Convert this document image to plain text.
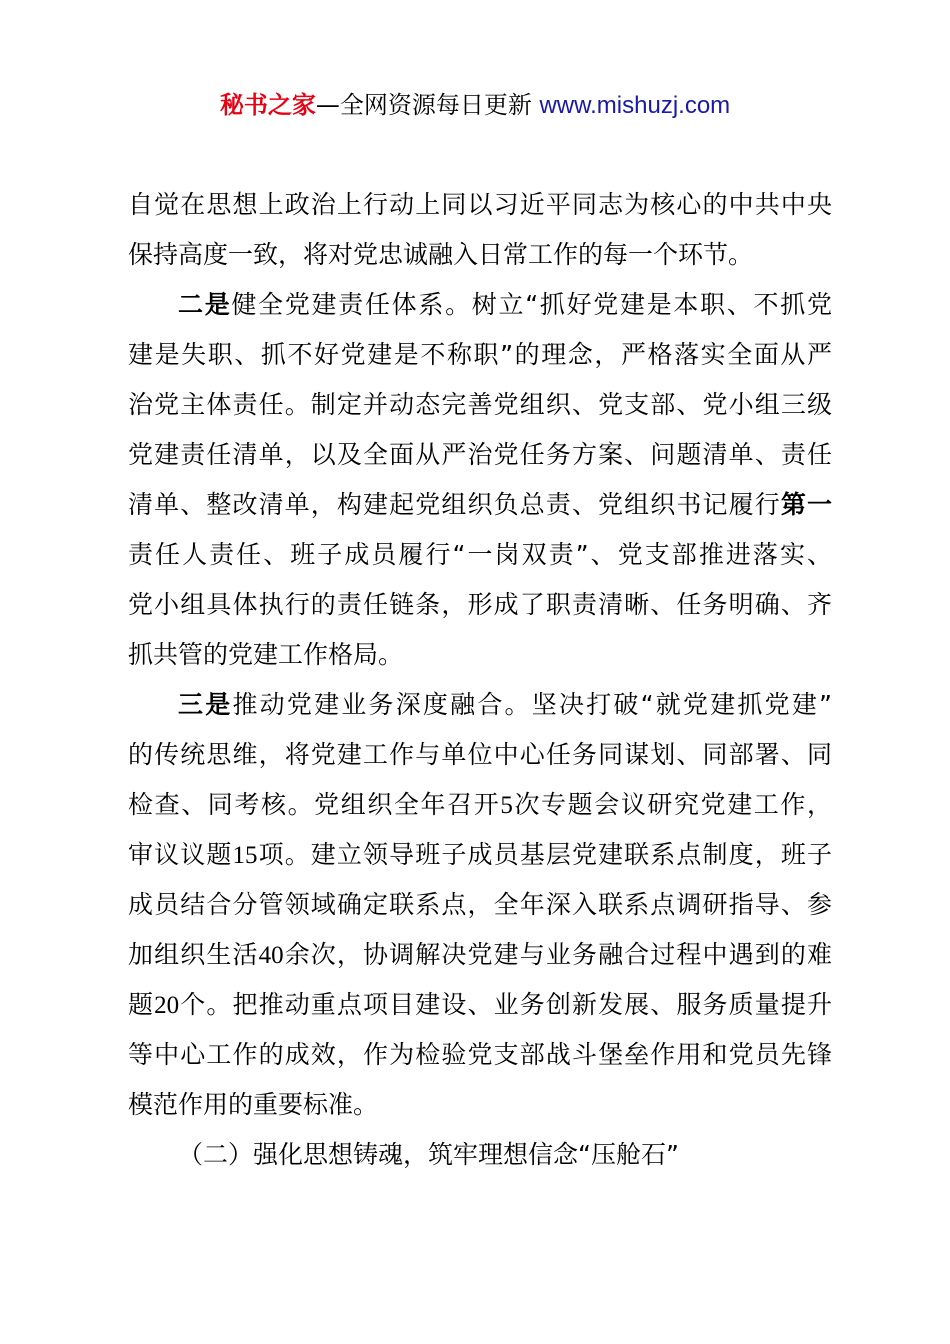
秘书之家—全网资源每日更新 www.mishuzj.com
自觉在思想上政治上行动上同以习近平同志为核心的中共中央
保持高度一致，将对党忠诚融入日常工作的每一个环节。
二是健全党建责任体系。树立“抓好党建是本职、不抓党
建是失职、抓不好党建是不称职”的理念，严格落实全面从严
治党主体责任。制定并动态完善党组织、党支部、党小组三级
党建责任清单，以及全面从严治党任务方案、问题清单、责任
清单、整改清单，构建起党组织负总责、党组织书记履行第一
责任人责任、班子成员履行“一岗双责”、党支部推进落实、
党小组具体执行的责任链条，形成了职责清晰、任务明确、齐
抓共管的党建工作格局。
三是推动党建业务深度融合。坚决打破“就党建抓党建”
的传统思维，将党建工作与单位中心任务同谋划、同部署、同
检查、同考核。党组织全年召开5次专题会议研究党建工作，
审议议题15项。建立领导班子成员基层党建联系点制度，班子
成员结合分管领域确定联系点，全年深入联系点调研指导、参
加组织生活40余次，协调解决党建与业务融合过程中遇到的难
题20个。把推动重点项目建设、业务创新发展、服务质量提升
等中心工作的成效，作为检验党支部战斗堡垒作用和党员先锋
模范作用的重要标准。
（二）强化思想铸魂，筑牢理想信念“压舱石”
